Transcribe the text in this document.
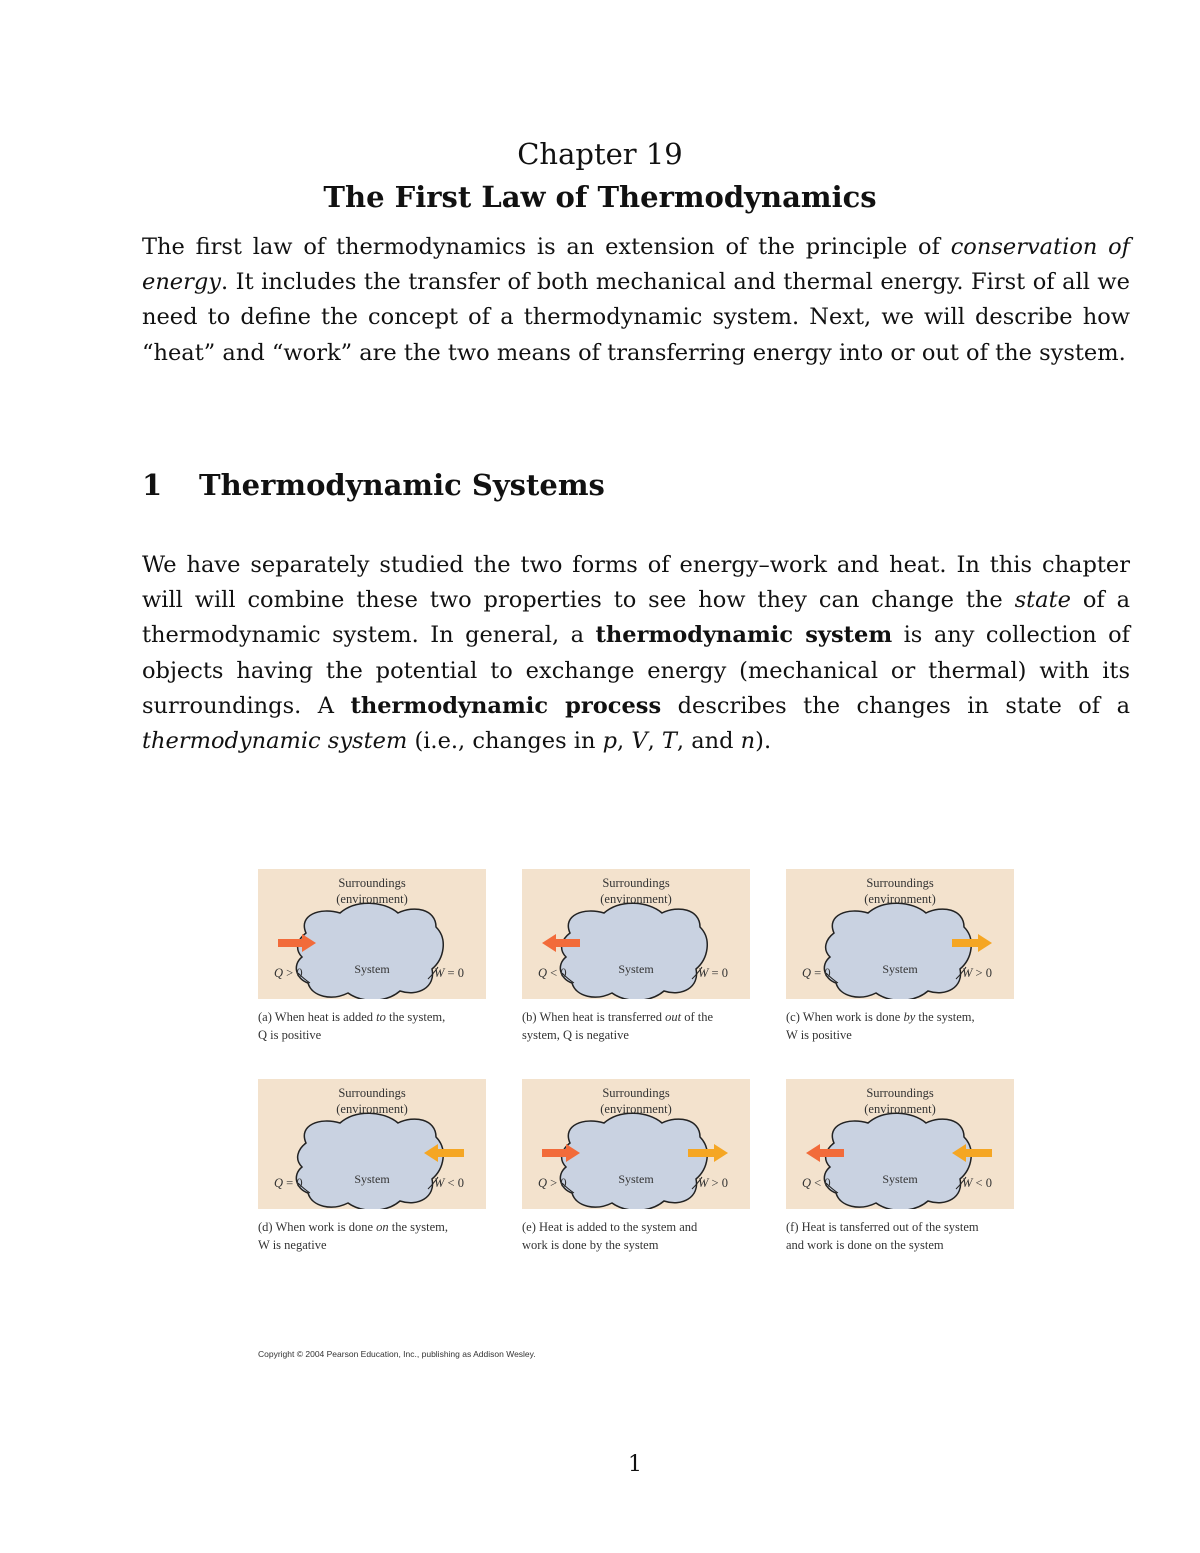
Chapter 19
The First Law of Thermodynamics

The first law of thermodynamics is an extension of the principle of conservation of energy. It includes the transfer of both mechanical and thermal energy. First of all we need to define the concept of a thermodynamic system. Next, we will describe how “heat” and “work” are the two means of transferring energy into or out of the system.

1 Thermodynamic Systems

We have separately studied the two forms of energy–work and heat. In this chapter will will combine these two properties to see how they can change the state of a thermodynamic system. In general, a thermodynamic system is any collection of objects having the potential to exchange energy (mechanical or thermal) with its surroundings. A thermodynamic process describes the changes in state of a thermodynamic system (i.e., changes in p, V, T, and n).

Surroundings
(environment)
System
Q > 0	W = 0
(a) When heat is added to the system,
Q is positive
Surroundings
(environment)
System
Q < 0	W = 0
(b) When heat is transferred out of the
system, Q is negative
Surroundings
(environment)
System
Q = 0	W > 0
(c) When work is done by the system,
W is positive
Surroundings
(environment)
System
Q = 0	W < 0
(d) When work is done on the system,
W is negative
Surroundings
(environment)
System
Q > 0	W > 0
(e) Heat is added to the system and
work is done by the system
Surroundings
(environment)
System
Q < 0	W < 0
(f) Heat is tansferred out of the system
and work is done on the system
Copyright © 2004 Pearson Education, Inc., publishing as Addison Wesley.
1
